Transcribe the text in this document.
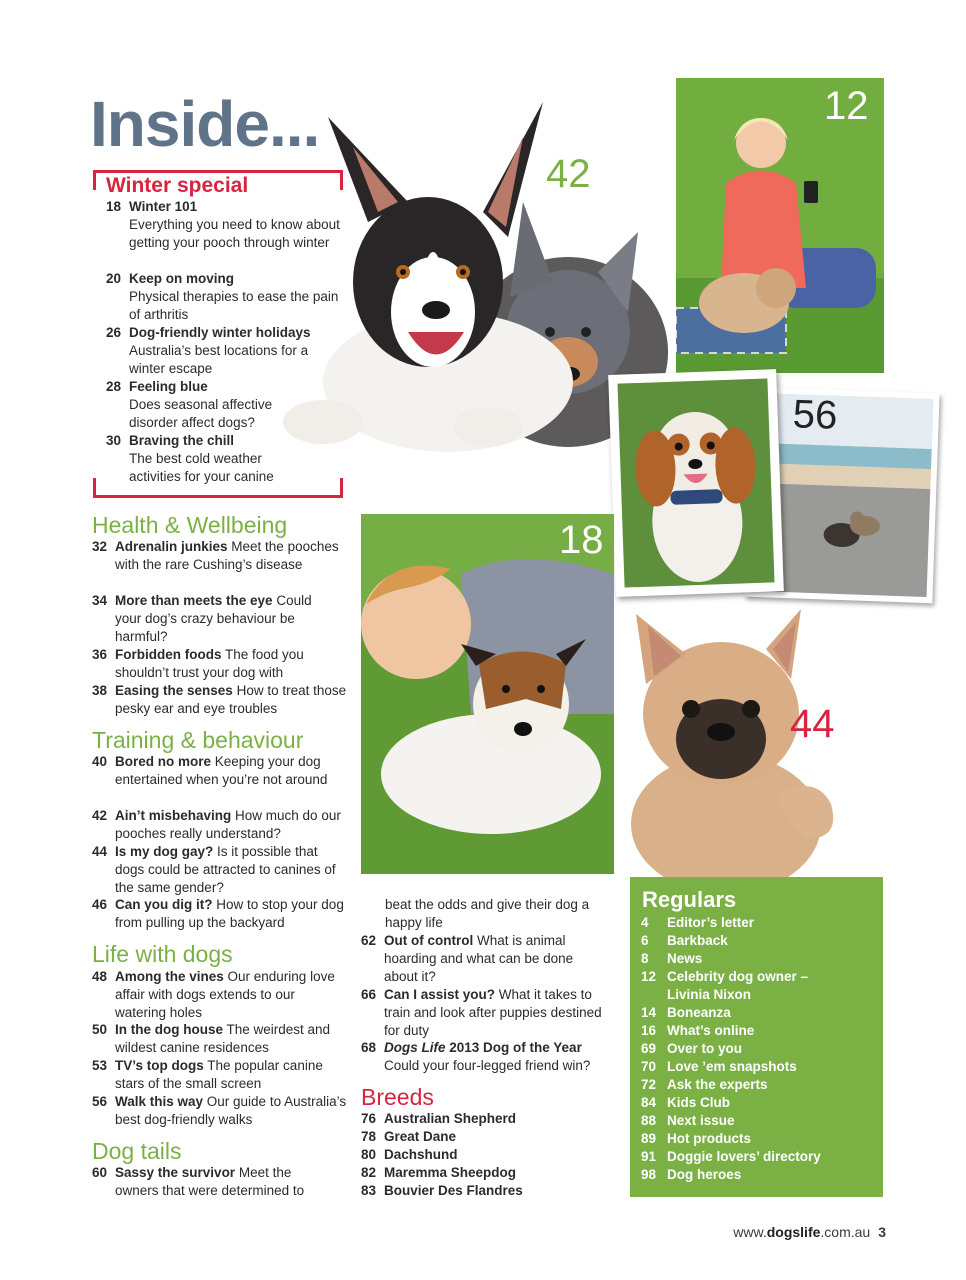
Inside...
Winter special
18 Winter 101
Everything you need to know about getting your pooch through winter
20 Keep on moving
Physical therapies to ease the pain of arthritis
26 Dog-friendly winter holidays
Australia’s best locations for a winter escape
28 Feeling blue
Does seasonal affective disorder affect dogs?
30 Braving the chill
The best cold weather activities for your canine
42
12
56
18
44
Health & Wellbeing
32 Adrenalin junkies Meet the pooches with the rare Cushing’s disease
34 More than meets the eye Could your dog’s crazy behaviour be harmful?
36 Forbidden foods The food you shouldn’t trust your dog with
38 Easing the senses How to treat those pesky ear and eye troubles
Training & behaviour
40 Bored no more Keeping your dog entertained when you’re not around
42 Ain’t misbehaving How much do our pooches really understand?
44 Is my dog gay? Is it possible that dogs could be attracted to canines of the same gender?
46 Can you dig it? How to stop your dog from pulling up the backyard
Life with dogs
48 Among the vines Our enduring love affair with dogs extends to our watering holes
50 In the dog house The weirdest and wildest canine residences
53 TV’s top dogs The popular canine stars of the small screen
56 Walk this way Our guide to Australia’s best dog-friendly walks
Dog tails
60 Sassy the survivor Meet the owners that were determined to
beat the odds and give their dog a happy life
62 Out of control What is animal hoarding and what can be done about it?
66 Can I assist you? What it takes to train and look after puppies destined for duty
68 Dogs Life 2013 Dog of the Year
Could your four-legged friend win?
Breeds
76 Australian Shepherd
78 Great Dane
80 Dachshund
82 Maremma Sheepdog
83 Bouvier Des Flandres
Regulars
4 Editor’s letter
6 Barkback
8 News
12 Celebrity dog owner – Livinia Nixon
14 Boneanza
16 What’s online
69 Over to you
70 Love ’em snapshots
72 Ask the experts
84 Kids Club
88 Next issue
89 Hot products
91 Doggie lovers’ directory
98 Dog heroes
www.dogslife.com.au 3
